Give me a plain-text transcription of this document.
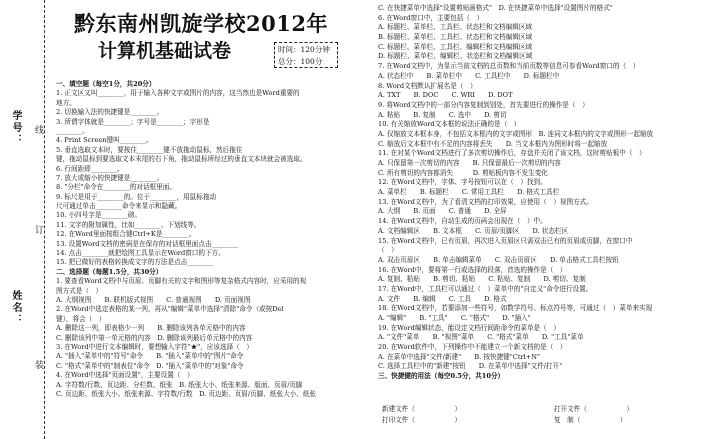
学号： 线
订
姓名：
装
黔东南州凯旋学校2012年
计算机基础试卷	时间：120分钟
总分：100分
一、填空题（每空1分，共20分）
1. 正文区又叫________，用于输入各种文字或图片的内容，这当然也是Word重要的
地方。
2. 切换输入法的快捷键是________。
3. 所谓字体就是________；字号是________；字形是
________。
4. Print Screen键叫________。
5. 垂直选取文本时，要按住________键不放拖动鼠标，然后拖住
键，拖动鼠标到要选取文本末尾的右下角，拖动鼠标所经过的垂直文本块就会被选取。
6. 行间距即________。
7. 放大或缩小的快捷键是________。
8. "分栏"命令在________的对话框里面。
9. 标尺是用于________的。位于________，用鼠标拖动
尺可通过单击________命令来显示和隐藏。
10. 小四号字是________磅。
11. 文字的附加属性，比如________、下划线等。
12. 在Word里面按组合键Ctrl+K是________。
13. 设置Word文档的密码是在保存的对话框里面点击________
14. 点击________就把绘图工具显示在Word窗口的下方。
15. 把已做好的表格转换成文字的方法是点击________
二、选择题（每题1.5分，共30分）
1. 要查看Word文档中与页眉、页脚有关的文字和图形等复杂格式内容时，应采用的视
图方式是（　）
A. 大纲视图　　B. 联机版式视图　　C. 普通视图　　D. 页面视图
2. 在Word中选定表格的某一列，再从"编辑"菜单中选择"清除"命令（或按Del
键），将会（　）
A. 删除这一列，即表格少一列　　B. 删除该列各单元格中的内容
C. 删除该列中第一单元格的内容　D. 删除该列最后单元格中的内容
3. 在Word中进行文本编辑时，要想输入字符"★"，应该选择（　）
A. "插入"菜单中的"符号"命令　　B. "插入"菜单中的"图片"命令
C. "格式"菜单中的"制表位"命令　D. "插入"菜单中的"对象"命令
4. 在Word中选择"页面设置"，主要设置（　）
A. 字符数/行数、页边距、分栏数、纸张　B. 纸张大小、纸张来源、版面、页眉/页脚
C. 页边距、纸张大小、纸张来源、字符数/行数　D. 页边距、页眉/页脚、纸张大小、纸张
C. 在快捷菜单中选择"设置剪贴画格式"　D. 在快捷菜单中选择"设置图片的格式"
6. 在Word窗口中，主要包括（　）
A. 标题栏、菜单栏、工具栏、状态栏和文档编辑区域
B. 标题栏、菜单栏、工具栏、状态栏和文档编辑区域
C. 标题栏、菜单栏、工具栏、编辑栏和文档编辑区域
D. 标题栏、菜单栏、编辑栏、状态栏和文档编辑区域
7. 在Word文档中，为显示当前文档的总页数和当前页数等信息可参看Word窗口的（　）
A. 状态栏中　　B. 菜单栏中　　C. 工具栏中　　D. 标题栏中
8. Word文档默认扩展名是（　）
A. TXT　　B. DOC　　C. WRI　　D. DOT
9. 将Word文档中的一部分内容复制到别处，首先要进行的操作是（　）
A. 粘贴　　B. 复制　　C. 选中　　D. 剪切
10. 有关缩放Word文本框的说法正确的是（　）
A. 仅缩放文本框本身，不包括文本框内的文字或图形　B. 连同文本框内的文字或图形一起缩放
C. 缩放后文本框中有不足的内容将丢失　　D. 当文本框内为图形时将一起缩放
11. 在对某个Word文档进行了多次剪切操作后，存盘并关闭了该文档，这时剪贴板中（　）
A. 只保留第一次剪切的内容　　B. 只保留最后一次剪切的内容
C. 所有剪切的内容都消失　　　D. 剪贴板内容不发生变化
12. 在Word文档中，字体、字号按钮可以在（　）找到。
A. 菜单栏　　B. 标题栏　　C. 常用工具栏　　D. 格式工具栏
13. 在Word文档中，为了看清文档的打印效果，应使用（　）视图方式。
A. 大纲　　B. 页面　　C. 普通　　D. 全屏
14. 在Word文档中，自动生成的页码会出现在（　）中。
A. 文档编辑区　　B. 文本框　　C. 页眉/页脚区　　D. 状态栏区
15. 在Word文档中，已有页眉，再次进入页眉区只需双击已有的页眉或页脚，在窗口中
（　）
A. 双击页眉区　　B. 单击编辑菜单　　C. 双击页眉区　　D. 单击格式工具栏按钮
16. 在Word中，要将第一行或选择的段落，首选的操作是（　）
A. 复制、粘贴　　B. 剪切、粘贴　　C. 粘贴、复制　　D. 剪切、复制
17. 在Word中，工具栏可以通过（　）菜单中的"自定义"命令进行设置。
A. 文件　　B. 编辑　　C. 工具　　D. 格式
18. 在Word文档中，若要添加一些符号，如数学符号、标点符号等，可通过（　）菜单来实现
A. "编辑"　　B. "工具"　　C. "格式"　　D. "插入"
19. 在Word编辑状态，能设定文档行间距命令的菜单是（　）
A. "文件"菜单　　B. "视图"菜单　　C. "格式"菜单　　D. "工具"菜单
20. 在Word软件中，下列操作中不能建立一个新文档的是（　）
A. 在菜单中选择"文件/新建"　　B. 按快捷键"Ctrl+N"
C. 选择工具栏中的"新建"按钮　　D. 在菜单中选择"文件/打开"
三、快捷键的用法（每空0.5分，共10分）
新建文件（　　　　　　）	打开文件（　　　　　　）
打印文件（　　　　　　）	复　制（　　　　　　）
